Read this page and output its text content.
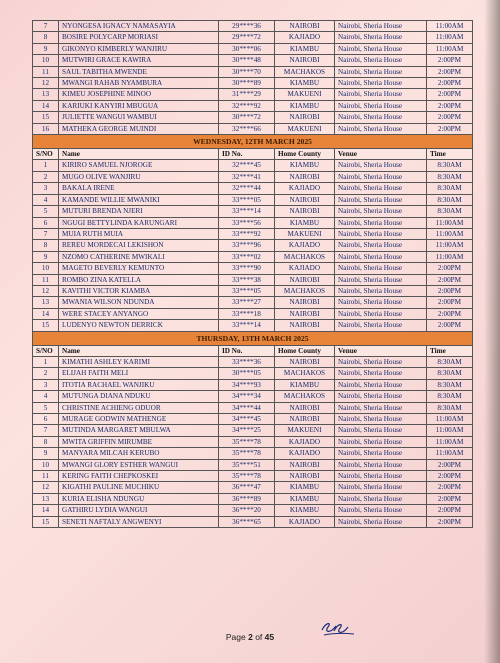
7	NYONGESA IGNACY NAMASAYIA	29****36	NAIROBI	Nairobi, Sheria House	11:00AM
8	BOSIRE POLYCARP MORIASI	29****72	KAJIADO	Nairobi, Sheria House	11:00AM
9	GIKONYO KIMBERLY WANJIRU	30****06	KIAMBU	Nairobi, Sheria House	11:00AM
10	MUTWIRI GRACE KAWIRA	30****48	NAIROBI	Nairobi, Sheria House	2:00PM
11	SAUL TABITHA MWENDE	30****70	MACHAKOS	Nairobi, Sheria House	2:00PM
12	MWANGI RAHAB NYAMBURA	30****89	KIAMBU	Nairobi, Sheria House	2:00PM
13	KIMEU JOSEPHINE MINOO	31****29	MAKUENI	Nairobi, Sheria House	2:00PM
14	KARIUKI KANYIRI MBUGUA	32****92	KIAMBU	Nairobi, Sheria House	2:00PM
15	JULIETTE WANGUI WAMBUI	30****72	NAIROBI	Nairobi, Sheria House	2:00PM
16	MATHEKA GEORGE MUINDI	32****66	MAKUENI	Nairobi, Sheria House	2:00PM
WEDNESDAY, 12TH MARCH 2025					
S/NO	Name	ID No.	Home County	Venue	Time
1	KIRIRO SAMUEL NJOROGE	32****45	KIAMBU	Nairobi, Sheria House	8:30AM
2	MUGO OLIVE WANJIRU	32****41	NAIROBI	Nairobi, Sheria House	8:30AM
3	BAKALA IRENE	32****44	KAJIADO	Nairobi, Sheria House	8:30AM
4	KAMANDE WILLIE MWANIKI	33****05	NAIROBI	Nairobi, Sheria House	8:30AM
5	MUTURI BRENDA NJERI	33****14	NAIROBI	Nairobi, Sheria House	8:30AM
6	NGUGI BETTYLINDA KARUNGARI	33****56	KIAMBU	Nairobi, Sheria House	11:00AM
7	MUIA RUTH MUIA	33****92	MAKUENI	Nairobi, Sheria House	11:00AM
8	REREU MORDECAI LEKISHON	33****96	KAJIADO	Nairobi, Sheria House	11:00AM
9	NZOMO CATHERINE MWIKALI	33****02	MACHAKOS	Nairobi, Sheria House	11:00AM
10	MAGETO BEVERLY KEMUNTO	33****90	KAJIADO	Nairobi, Sheria House	2:00PM
11	ROMBO ZINA KATELLA	33****38	NAIROBI	Nairobi, Sheria House	2:00PM
12	KAVITHI VICTOR KIAMBA	33****05	MACHAKOS	Nairobi, Sheria House	2:00PM
13	MWANIA WILSON NDUNDA	33****27	NAIROBI	Nairobi, Sheria House	2:00PM
14	WERE STACEY ANYANGO	33****18	NAIROBI	Nairobi, Sheria House	2:00PM
15	LUDENYO NEWTON DERRICK	33****14	NAIROBI	Nairobi, Sheria House	2:00PM
THURSDAY, 13TH MARCH 2025					
S/NO	Name	ID No.	Home County	Venue	Time
1	KIMATHI ASHLEY KARIMI	33****36	NAIROBI	Nairobi, Sheria House	8:30AM
2	ELIJAH FAITH MELI	30****05	MACHAKOS	Nairobi, Sheria House	8:30AM
3	ITOTIA RACHAEL WANJIKU	34****93	KIAMBU	Nairobi, Sheria House	8:30AM
4	MUTUNGA DIANA NDUKU	34****34	MACHAKOS	Nairobi, Sheria House	8:30AM
5	CHRISTINE ACHIENG ODUOR	34****44	NAIROBI	Nairobi, Sheria House	8:30AM
6	MURAGE GODWIN MATHENGE	34****45	NAIROBI	Nairobi, Sheria House	11:00AM
7	MUTINDA MARGARET MBULWA	34****25	MAKUENI	Nairobi, Sheria House	11:00AM
8	MWITA GRIFFIN MIRUMBE	35****78	KAJIADO	Nairobi, Sheria House	11:00AM
9	MANYARA MILCAH KERUBO	35****78	KAJIADO	Nairobi, Sheria House	11:00AM
10	MWANGI GLORY ESTHER WANGUI	35****51	NAIROBI	Nairobi, Sheria House	2:00PM
11	KERING FAITH CHEPKOSKEI	35****78	NAIROBI	Nairobi, Sheria House	2:00PM
12	KIGATHI PAULINE MUCHIKU	36****47	KIAMBU	Nairobi, Sheria House	2:00PM
13	KURIA ELISHA NDUNGU	36****89	KIAMBU	Nairobi, Sheria House	2:00PM
14	GATHIRU LYDIA WANGUI	36****20	KIAMBU	Nairobi, Sheria House	2:00PM
15	SENETI NAFTALY ANGWENYI	36****65	KAJIADO	Nairobi, Sheria House	2:00PM
Page 2 of 45
